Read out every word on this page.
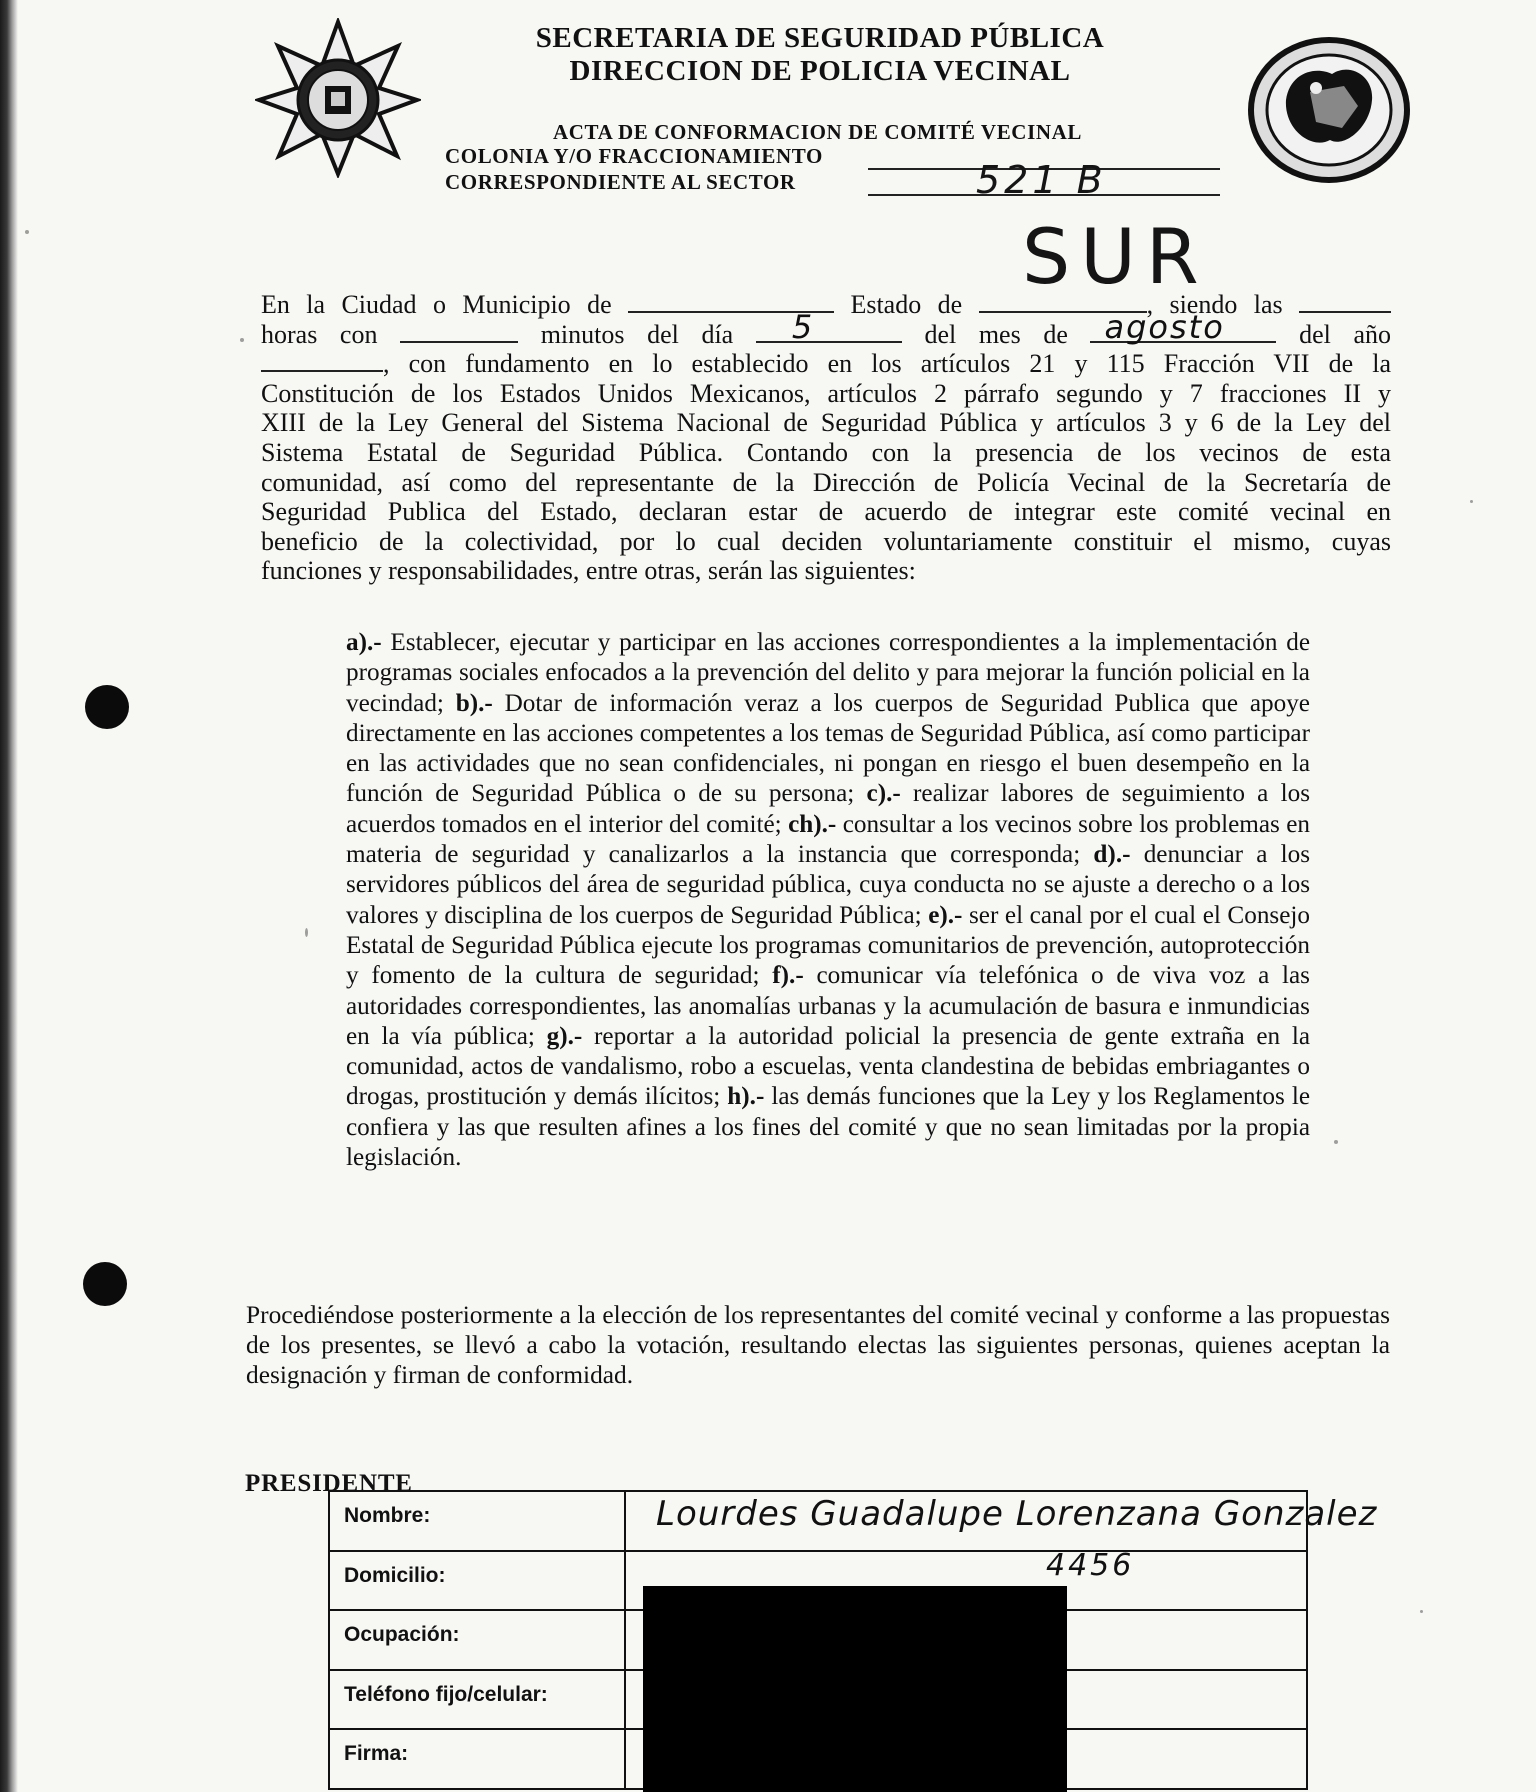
SECRETARIA DE SEGURIDAD PÚBLICA
DIRECCION DE POLICIA VECINAL
ACTA DE CONFORMACION DE COMITÉ VECINAL
COLONIA Y/O FRACCIONAMIENTO
CORRESPONDIENTE AL SECTOR	521 B
SUR
En la Ciudad o Municipio de	Estado de	, siendo las
horas con	minutos del día 5	del mes de agosto	del año
, con fundamento en lo establecido en los artículos 21 y 115 Fracción VII de la
Constitución de los Estados Unidos Mexicanos, artículos 2 párrafo segundo y 7 fracciones II y
XIII de la Ley General del Sistema Nacional de Seguridad Pública y artículos 3 y 6 de la Ley del
Sistema Estatal de Seguridad Pública. Contando con la presencia de los vecinos de esta
comunidad, así como del representante de la Dirección de Policía Vecinal de la Secretaría de
Seguridad Publica del Estado, declaran estar de acuerdo de integrar este comité vecinal en
beneficio de la colectividad, por lo cual deciden voluntariamente constituir el mismo, cuyas
funciones y responsabilidades, entre otras, serán las siguientes:
a).- Establecer, ejecutar y participar en las acciones correspondientes a la implementación de programas sociales enfocados a la prevención del delito y para mejorar la función policial en la vecindad; b).- Dotar de información veraz a los cuerpos de Seguridad Publica que apoye directamente en las acciones competentes a los temas de Seguridad Pública, así como participar en las actividades que no sean confidenciales, ni pongan en riesgo el buen desempeño en la función de Seguridad Pública o de su persona; c).- realizar labores de seguimiento a los acuerdos tomados en el interior del comité; ch).- consultar a los vecinos sobre los problemas en materia de seguridad y canalizarlos a la instancia que corresponda; d).- denunciar a los servidores públicos del área de seguridad pública, cuya conducta no se ajuste a derecho o a los valores y disciplina de los cuerpos de Seguridad Pública; e).- ser el canal por el cual el Consejo Estatal de Seguridad Pública ejecute los programas comunitarios de prevención, autoprotección y fomento de la cultura de seguridad; f).- comunicar vía telefónica o de viva voz a las autoridades correspondientes, las anomalías urbanas y la acumulación de basura e inmundicias en la vía pública; g).- reportar a la autoridad policial la presencia de gente extraña en la comunidad, actos de vandalismo, robo a escuelas, venta clandestina de bebidas embriagantes o drogas, prostitución y demás ilícitos; h).- las demás funciones que la Ley y los Reglamentos le confiera y las que resulten afines a los fines del comité y que no sean limitadas por la propia legislación.
Procediéndose posteriormente a la elección de los representantes del comité vecinal y conforme a las propuestas de los presentes, se llevó a cabo la votación, resultando electas las siguientes personas, quienes aceptan la designación y firman de conformidad.
PRESIDENTE
Nombre:	Lourdes Guadalupe Lorenzana Gonzalez

Domicilio:	4456

Ocupación:	
Teléfono fijo/celular:	
Firma:	
